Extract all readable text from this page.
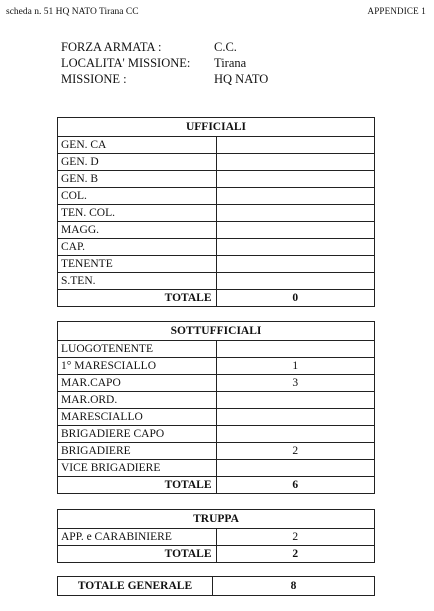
scheda n. 51 HQ NATO Tirana CC	APPENDICE 1
FORZA ARMATA :	C.C.
LOCALITA' MISSIONE: Tirana
MISSIONE :	HQ NATO
UFFICIALI	
GEN. CA	
GEN. D	
GEN. B	
COL.	
TEN. COL.	
MAGG.	
CAP.	
TENENTE	
S.TEN.	
TOTALE	0
SOTTUFFICIALI	
LUOGOTENENTE	
1° MARESCIALLO	1
MAR.CAPO	3
MAR.ORD.	
MARESCIALLO	
BRIGADIERE CAPO	
BRIGADIERE	2
VICE BRIGADIERE	
TOTALE	6
TRUPPA	
APP. e CARABINIERE	2
TOTALE	2
TOTALE GENERALE	8
